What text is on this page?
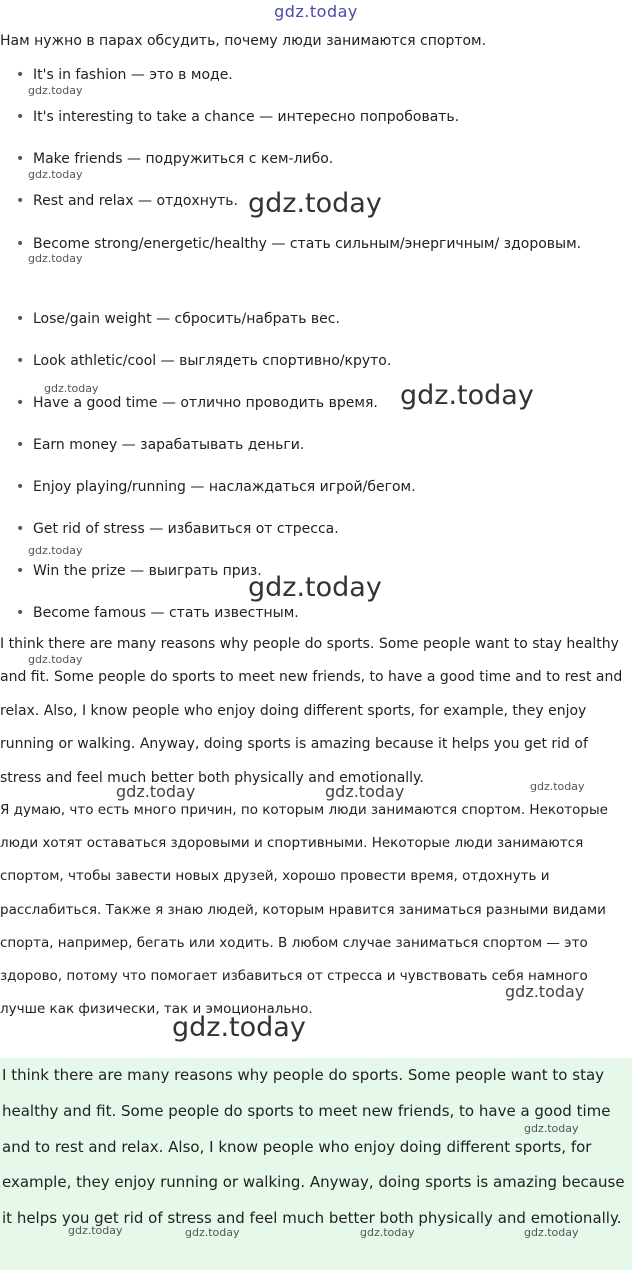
gdz.today
Нам нужно в парах обсудить, почему люди занимаются спортом.
• It's in fashion — это в моде.
• It's interesting to take a chance — интересно попробовать.
• Make friends — подружиться с кем-либо.
• Rest and relax — отдохнуть.
• Become strong/energetic/healthy — стать сильным/энергичным/ здоровым.
• Lose/gain weight — сбросить/набрать вес.
• Look athletic/cool — выглядеть спортивно/круто.
• Have a good time — отлично проводить время.
• Earn money — зарабатывать деньги.
• Enjoy playing/running — наслаждаться игрой/бегом.
• Get rid of stress — избавиться от стресса.
• Win the prize — выиграть приз.
• Become famous — стать известным.
I think there are many reasons why people do sports. Some people want to stay healthy and fit. Some people do sports to meet new friends, to have a good time and to rest and relax. Also, I know people who enjoy doing different sports, for example, they enjoy running or walking. Anyway, doing sports is amazing because it helps you get rid of stress and feel much better both physically and emotionally.
Я думаю, что есть много причин, по которым люди занимаются спортом. Некоторые люди хотят оставаться здоровыми и спортивными. Некоторые люди занимаются спортом, чтобы завести новых друзей, хорошо провести время, отдохнуть и расслабиться. Также я знаю людей, которым нравится заниматься разными видами спорта, например, бегать или ходить. В любом случае заниматься спортом — это здорово, потому что помогает избавиться от стресса и чувствовать себя намного лучше как физически, так и эмоционально.
I think there are many reasons why people do sports. Some people want to stay healthy and fit. Some people do sports to meet new friends, to have a good time and to rest and relax. Also, I know people who enjoy doing different sports, for example, they enjoy running or walking. Anyway, doing sports is amazing because it helps you get rid of stress and feel much better both physically and emotionally.
gdz.today
gdz.today
gdz.today
gdz.today
gdz.today	gdz.today
gdz.today
gdz.today
gdz.today
gdz.today	gdz.today	gdz.today
gdz.today
gdz.today
gdz.today
gdz.today	gdz.today	gdz.today	gdz.today
